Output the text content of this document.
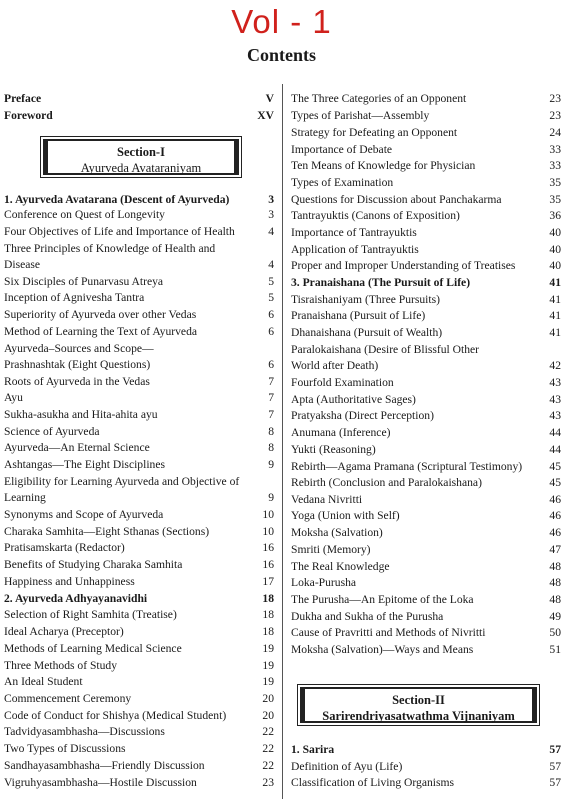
Vol - 1
Contents
Preface	V
Foreword	XV
1. Ayurveda Avatarana (Descent of Ayurveda)	3
Conference on Quest of Longevity	3
Four Objectives of Life and Importance of Health	4
Three Principles of Knowledge of Health and
Disease	4
Six Disciples of Punarvasu Atreya	5
Inception of Agnivesha Tantra	5
Superiority of Ayurveda over other Vedas	6
Method of Learning the Text of Ayurveda	6
Ayurveda–Sources and Scope—
Prashnashtak (Eight Questions)	6
Roots of Ayurveda in the Vedas	7
Ayu	7
Sukha-asukha and Hita-ahita ayu	7
Science of Ayurveda	8
Ayurveda—An Eternal Science	8
Ashtangas—The Eight Disciplines	9
Eligibility for Learning Ayurveda and Objective of
Learning	9
Synonyms and Scope of Ayurveda	10
Charaka Samhita—Eight Sthanas (Sections)	10
Pratisamskarta (Redactor)	16
Benefits of Studying Charaka Samhita	16
Happiness and Unhappiness	17
2. Ayurveda Adhyayanavidhi	18
Selection of Right Samhita (Treatise)	18
Ideal Acharya (Preceptor)	18
Methods of Learning Medical Science	19
Three Methods of Study	19
An Ideal Student	19
Commencement Ceremony	20
Code of Conduct for Shishya (Medical Student)	20
Tadvidyasambhasha—Discussions	22
Two Types of Discussions	22
Sandhayasambhasha—Friendly Discussion	22
Vigruhyasambhasha—Hostile Discussion	23
The Three Categories of an Opponent	23
Types of Parishat—Assembly	23
Strategy for Defeating an Opponent	24
Importance of Debate	33
Ten Means of Knowledge for Physician	33
Types of Examination	35
Questions for Discussion about Panchakarma	35
Tantrayuktis (Canons of Exposition)	36
Importance of Tantrayuktis	40
Application of Tantrayuktis	40
Proper and Improper Understanding of Treatises	40
3. Pranaishana (The Pursuit of Life)	41
Tisraishaniyam (Three Pursuits)	41
Pranaishana (Pursuit of Life)	41
Dhanaishana (Pursuit of Wealth)	41
Paralokaishana (Desire of Blissful Other
World after Death)	42
Fourfold Examination	43
Apta (Authoritative Sages)	43
Pratyaksha (Direct Perception)	43
Anumana (Inference)	44
Yukti (Reasoning)	44
Rebirth—Agama Pramana (Scriptural Testimony) 45
Rebirth (Conclusion and Paralokaishana)	45
Vedana Nivritti	46
Yoga (Union with Self)	46
Moksha (Salvation)	46
Smriti (Memory)	47
The Real Knowledge	48
Loka-Purusha	48
The Purusha—An Epitome of the Loka	48
Dukha and Sukha of the Purusha	49
Cause of Pravritti and Methods of Nivritti	50
Moksha (Salvation)—Ways and Means	51
1. Sarira	57
Definition of Ayu (Life)	57
Classification of Living Organisms	57
Section-I
Ayurveda Avataraniyam
Section-II
Sarirendriyasatwathma Vijnaniyam
